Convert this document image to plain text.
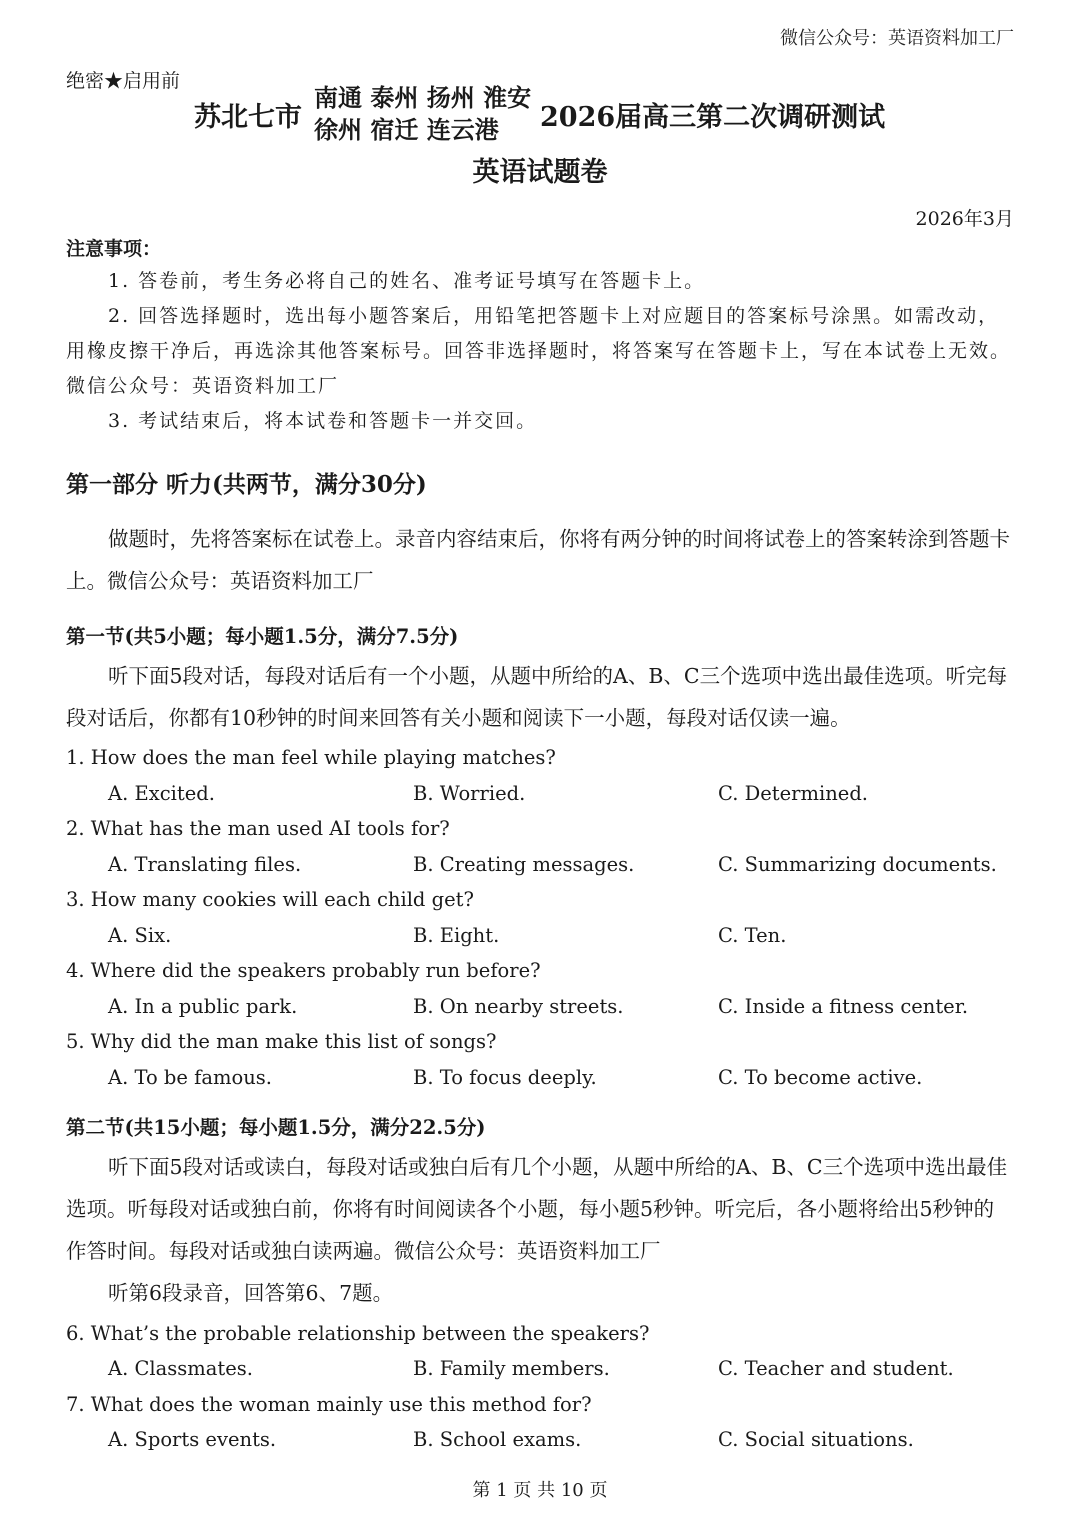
微信公众号：英语资料加工厂
绝密★启用前
苏北七市
南通 泰州 扬州 淮安
徐州 宿迁 连云港	2026届高三第二次调研测试
英语试题卷
2026年3月
注意事项：
1. 答卷前，考生务必将自己的姓名、准考证号填写在答题卡上。
2. 回答选择题时，选出每小题答案后，用铅笔把答题卡上对应题目的答案标号涂黑。如需改动，用橡皮擦干净后，再选涂其他答案标号。回答非选择题时，将答案写在答题卡上，写在本试卷上无效。微信公众号：英语资料加工厂
3. 考试结束后，将本试卷和答题卡一并交回。
第一部分 听力(共两节，满分30分)
做题时，先将答案标在试卷上。录音内容结束后，你将有两分钟的时间将试卷上的答案转涂到答题卡上。微信公众号：英语资料加工厂
第一节(共5小题；每小题1.5分，满分7.5分)
听下面5段对话，每段对话后有一个小题，从题中所给的A、B、C三个选项中选出最佳选项。听完每段对话后，你都有10秒钟的时间来回答有关小题和阅读下一小题，每段对话仅读一遍。
1. How does the man feel while playing matches?
A. Excited.	B. Worried.	C. Determined.
2. What has the man used AI tools for?
A. Translating files.	B. Creating messages.	C. Summarizing documents.
3. How many cookies will each child get?
A. Six.	B. Eight.	C. Ten.
4. Where did the speakers probably run before?
A. In a public park.	B. On nearby streets.	C. Inside a fitness center.
5. Why did the man make this list of songs?
A. To be famous.	B. To focus deeply.	C. To become active.
第二节(共15小题；每小题1.5分，满分22.5分)
听下面5段对话或读白，每段对话或独白后有几个小题，从题中所给的A、B、C三个选项中选出最佳选项。听每段对话或独白前，你将有时间阅读各个小题，每小题5秒钟。听完后，各小题将给出5秒钟的作答时间。每段对话或独白读两遍。微信公众号：英语资料加工厂
听第6段录音，回答第6、7题。
6. What’s the probable relationship between the speakers?
A. Classmates.	B. Family members.	C. Teacher and student.
7. What does the woman mainly use this method for?
A. Sports events.	B. School exams.	C. Social situations.
第 1 页 共 10 页
